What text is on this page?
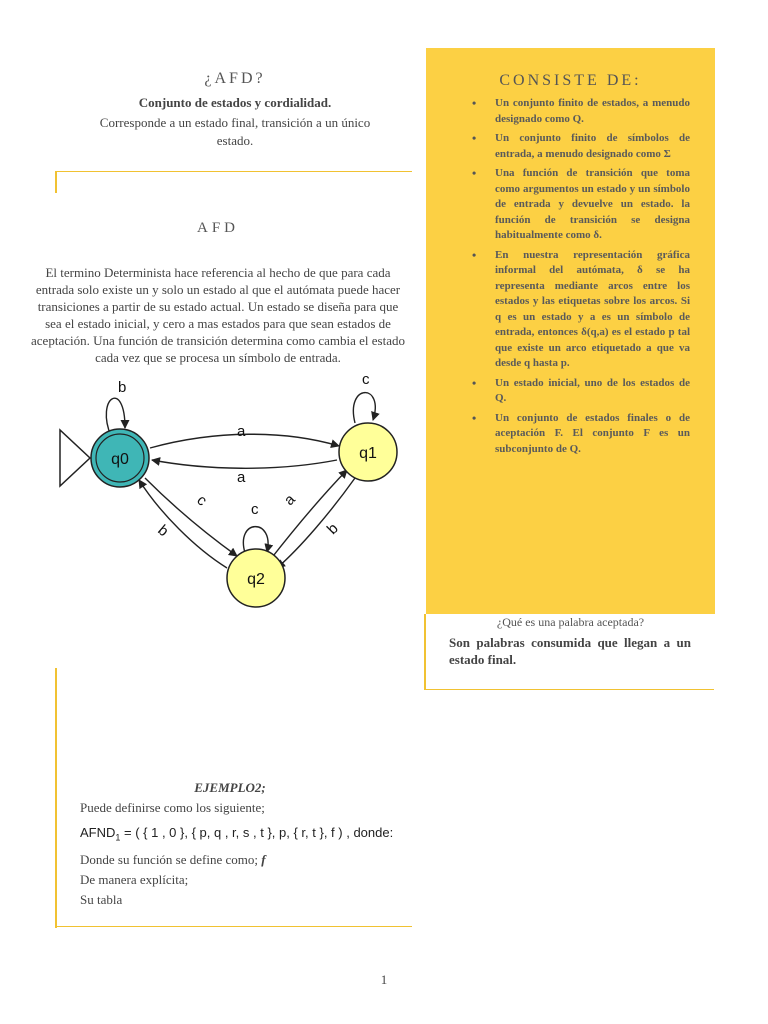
¿AFD?
Conjunto de estados y cordialidad.
Corresponde a un estado final, transición a un único estado.
AFD
El termino Determinista hace referencia al hecho de que para cada entrada solo existe un y solo un estado al que el autómata puede hacer transiciones a partir de su estado actual. Un estado se diseña para que sea el estado inicial, y cero a mas estados para que sean estados de aceptación. Una función de transición determina como cambia el estado cada vez que se procesa un símbolo de entrada.
q0	q1
q2
b	c
c
a
a
c
b
a
b
CONSISTE DE:
• Un conjunto finito de estados, a menudo designado como Q.
• Un conjunto finito de símbolos de entrada, a menudo designado como Σ
• Una función de transición que toma como argumentos un estado y un símbolo de entrada y devuelve un estado. la función de transición se designa habitualmente como δ.
• En nuestra representación gráfica informal del autómata, δ se ha representa mediante arcos entre los estados y las etiquetas sobre los arcos. Si q es un estado y a es un símbolo de entrada, entonces δ(q,a) es el estado p tal que existe un arco etiquetado a que va desde q hasta p.
• Un estado inicial, uno de los estados de Q.
• Un conjunto de estados finales o de aceptación F. El conjunto F es un subconjunto de Q.
¿Qué es una palabra aceptada?
Son palabras consumida que llegan a un estado final.
EJEMPLO2;
Puede definirse como los siguiente;
$AFND_1$ = ( { 1 , 0 }, { p, q , r, s , t }, p, { r, t }, f ) , donde:
Donde su función se define como; f
De manera explícita;
Su tabla
1
